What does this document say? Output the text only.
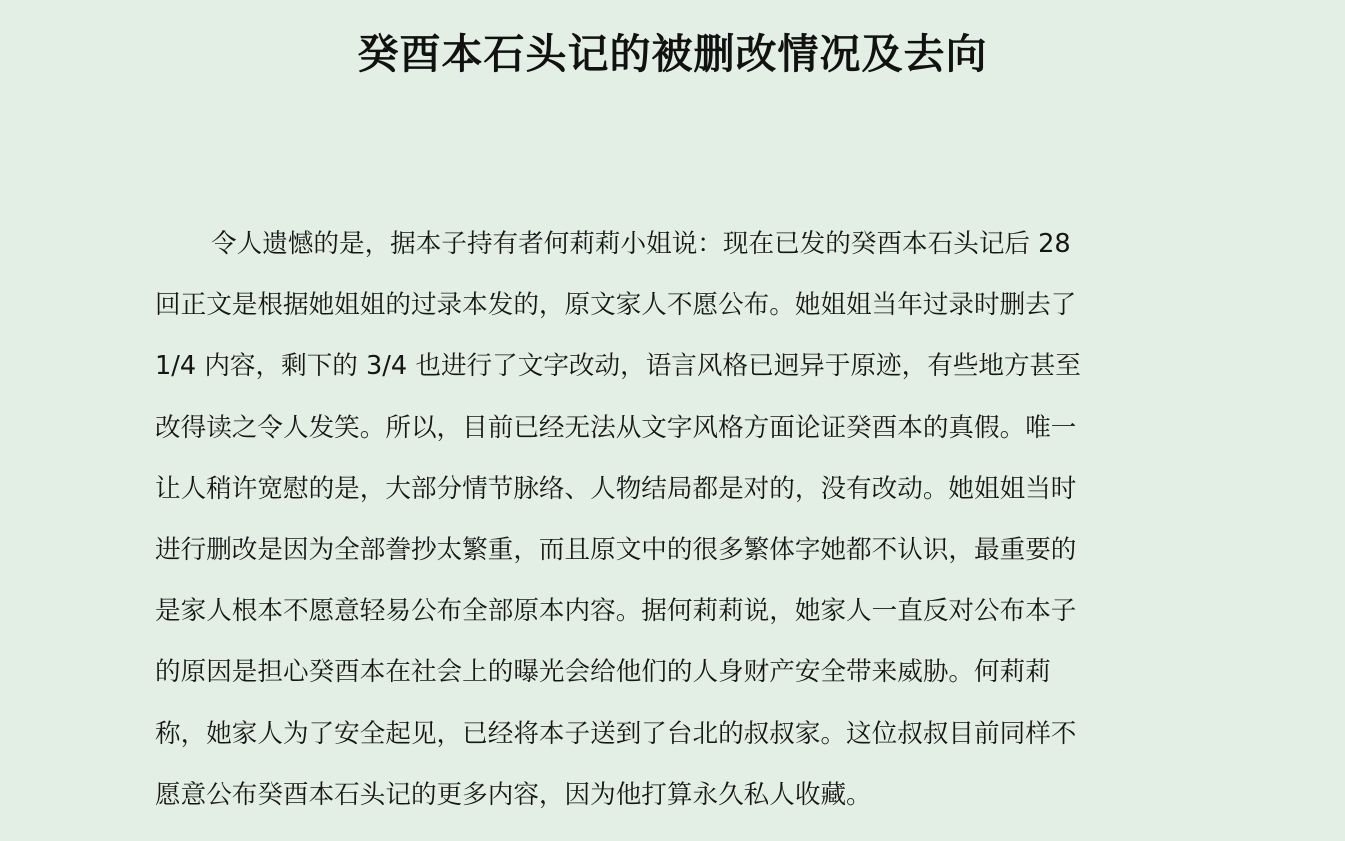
癸酉本石头记的被删改情况及去向
令人遗憾的是，据本子持有者何莉莉小姐说：现在已发的癸酉本石头记后 28
回正文是根据她姐姐的过录本发的，原文家人不愿公布。她姐姐当年过录时删去了
1/4 内容，剩下的 3/4 也进行了文字改动，语言风格已迥异于原迹，有些地方甚至
改得读之令人发笑。所以，目前已经无法从文字风格方面论证癸酉本的真假。唯一
让人稍许宽慰的是，大部分情节脉络、人物结局都是对的，没有改动。她姐姐当时
进行删改是因为全部誊抄太繁重，而且原文中的很多繁体字她都不认识，最重要的
是家人根本不愿意轻易公布全部原本内容。据何莉莉说，她家人一直反对公布本子
的原因是担心癸酉本在社会上的曝光会给他们的人身财产安全带来威胁。何莉莉
称，她家人为了安全起见，已经将本子送到了台北的叔叔家。这位叔叔目前同样不
愿意公布癸酉本石头记的更多内容，因为他打算永久私人收藏。
